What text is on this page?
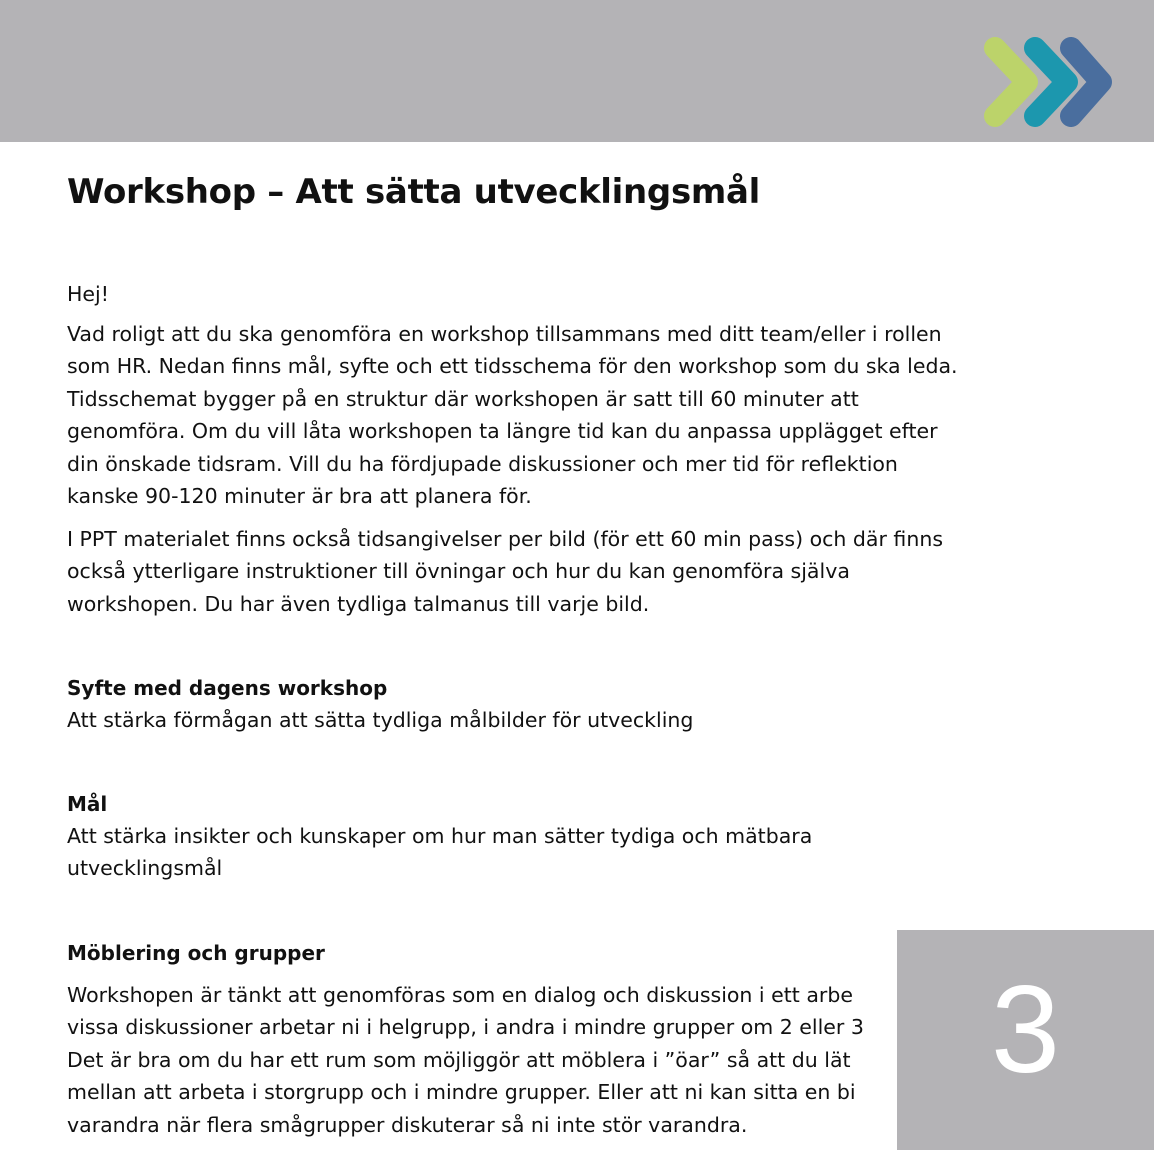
Workshop – Att sätta utvecklingsmål

Hej!

Vad roligt att du ska genomföra en workshop tillsammans med ditt team/eller i rollen
som HR. Nedan finns mål, syfte och ett tidsschema för den workshop som du ska leda.
Tidsschemat bygger på en struktur där workshopen är satt till 60 minuter att
genomföra. Om du vill låta workshopen ta längre tid kan du anpassa upplägget efter
din önskade tidsram. Vill du ha fördjupade diskussioner och mer tid för reflektion
kanske 90-120 minuter är bra att planera för.

I PPT materialet finns också tidsangivelser per bild (för ett 60 min pass) och där finns
också ytterligare instruktioner till övningar och hur du kan genomföra själva
workshopen. Du har även tydliga talmanus till varje bild.

Syfte med dagens workshop

Att stärka förmågan att sätta tydliga målbilder för utveckling

Mål

Att stärka insikter och kunskaper om hur man sätter tydiga och mätbara
utvecklingsmål

Möblering och grupper

Workshopen är tänkt att genomföras som en dialog och diskussion i ett arbe
vissa diskussioner arbetar ni i helgrupp, i andra i mindre grupper om 2 eller 3
Det är bra om du har ett rum som möjliggör att möblera i ”öar” så att du lät
mellan att arbeta i storgrupp och i mindre grupper. Eller att ni kan sitta en bi
varandra när flera smågrupper diskuterar så ni inte stör varandra.

3
